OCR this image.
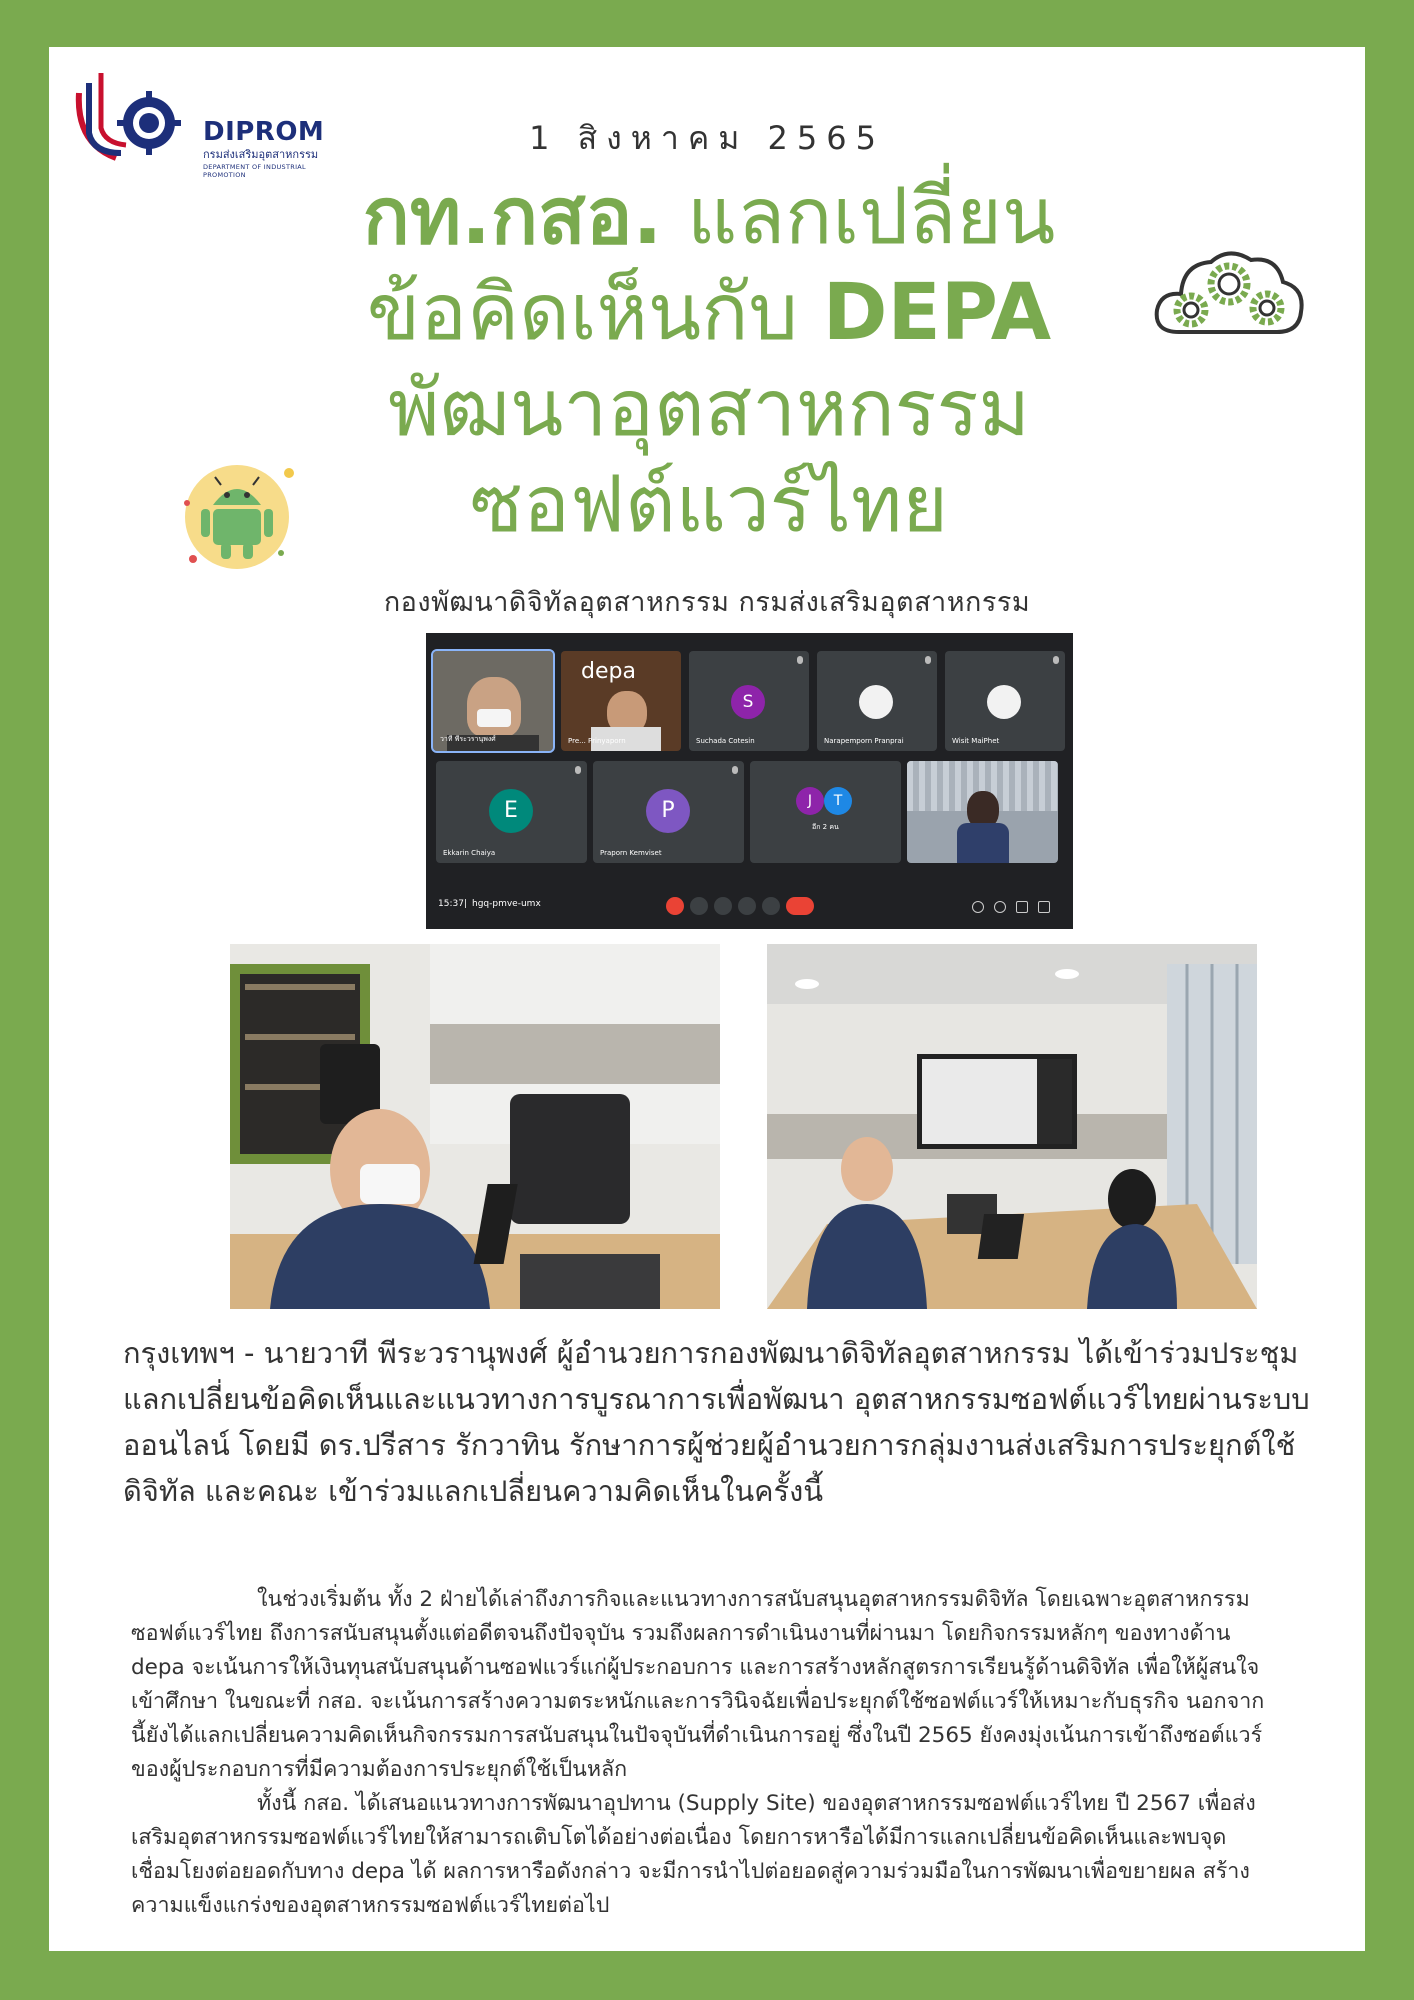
DIPROM
กรมส่งเสริมอุตสาหกรรม
DEPARTMENT OF INDUSTRIAL PROMOTION
1 สิงหาคม 2565
กท.กสอ. แลกเปลี่ยน
ข้อคิดเห็นกับ DEPA
พัฒนาอุตสาหกรรม
ซอฟต์แวร์ไทย
กองพัฒนาดิจิทัลอุตสาหกรรม กรมส่งเสริมอุตสาหกรรม
วาที พีระวรานุพงศ์
depa
Pre... Prinyaporn
S
Suchada Cotesin	Narapemporn Pranprai	Wisit MaiPhet
E
Ekkarin Chaiya
P
Praporn Kemviset
J	T
อีก 2 คน
15:37 | hgq-pmve-umx
กรุงเทพฯ - นายวาที พีระวรานุพงศ์ ผู้อำนวยการกองพัฒนาดิจิทัลอุตสาหกรรม ได้เข้าร่วมประชุมแลกเปลี่ยนข้อคิดเห็นและแนวทางการบูรณาการเพื่อพัฒนา อุตสาหกรรมซอฟต์แวร์ไทยผ่านระบบออนไลน์ โดยมี ดร.ปรีสาร รักวาทิน รักษาการผู้ช่วยผู้อำนวยการกลุ่มงานส่งเสริมการประยุกต์ใช้ดิจิทัล และคณะ เข้าร่วมแลกเปลี่ยนความคิดเห็นในครั้งนี้

ในช่วงเริ่มต้น ทั้ง 2 ฝ่ายได้เล่าถึงภารกิจและแนวทางการสนับสนุนอุตสาหกรรมดิจิทัล โดยเฉพาะอุตสาหกรรมซอฟต์แวร์ไทย ถึงการสนับสนุนตั้งแต่อดีตจนถึงปัจจุบัน รวมถึงผลการดำเนินงานที่ผ่านมา โดยกิจกรรมหลักๆ ของทางด้าน depa จะเน้นการให้เงินทุนสนับสนุนด้านซอฟแวร์แก่ผู้ประกอบการ และการสร้างหลักสูตรการเรียนรู้ด้านดิจิทัล เพื่อให้ผู้สนใจเข้าศึกษา ในขณะที่ กสอ. จะเน้นการสร้างความตระหนักและการวินิจฉัยเพื่อประยุกต์ใช้ซอฟต์แวร์ให้เหมาะกับธุรกิจ นอกจากนี้ยังได้แลกเปลี่ยนความคิดเห็นกิจกรรมการสนับสนุนในปัจจุบันที่ดำเนินการอยู่ ซึ่งในปี 2565 ยังคงมุ่งเน้นการเข้าถึงซอต์แวร์ของผู้ประกอบการที่มีความต้องการประยุกต์ใช้เป็นหลัก

ทั้งนี้ กสอ. ได้เสนอแนวทางการพัฒนาอุปทาน (Supply Site) ของอุตสาหกรรมซอฟต์แวร์ไทย ปี 2567 เพื่อส่งเสริมอุตสาหกรรมซอฟต์แวร์ไทยให้สามารถเติบโตได้อย่างต่อเนื่อง โดยการหารือได้มีการแลกเปลี่ยนข้อคิดเห็นและพบจุดเชื่อมโยงต่อยอดกับทาง depa ได้ ผลการหารือดังกล่าว จะมีการนำไปต่อยอดสู่ความร่วมมือในการพัฒนาเพื่อขยายผล สร้างความแข็งแกร่งของอุตสาหกรรมซอฟต์แวร์ไทยต่อไป
